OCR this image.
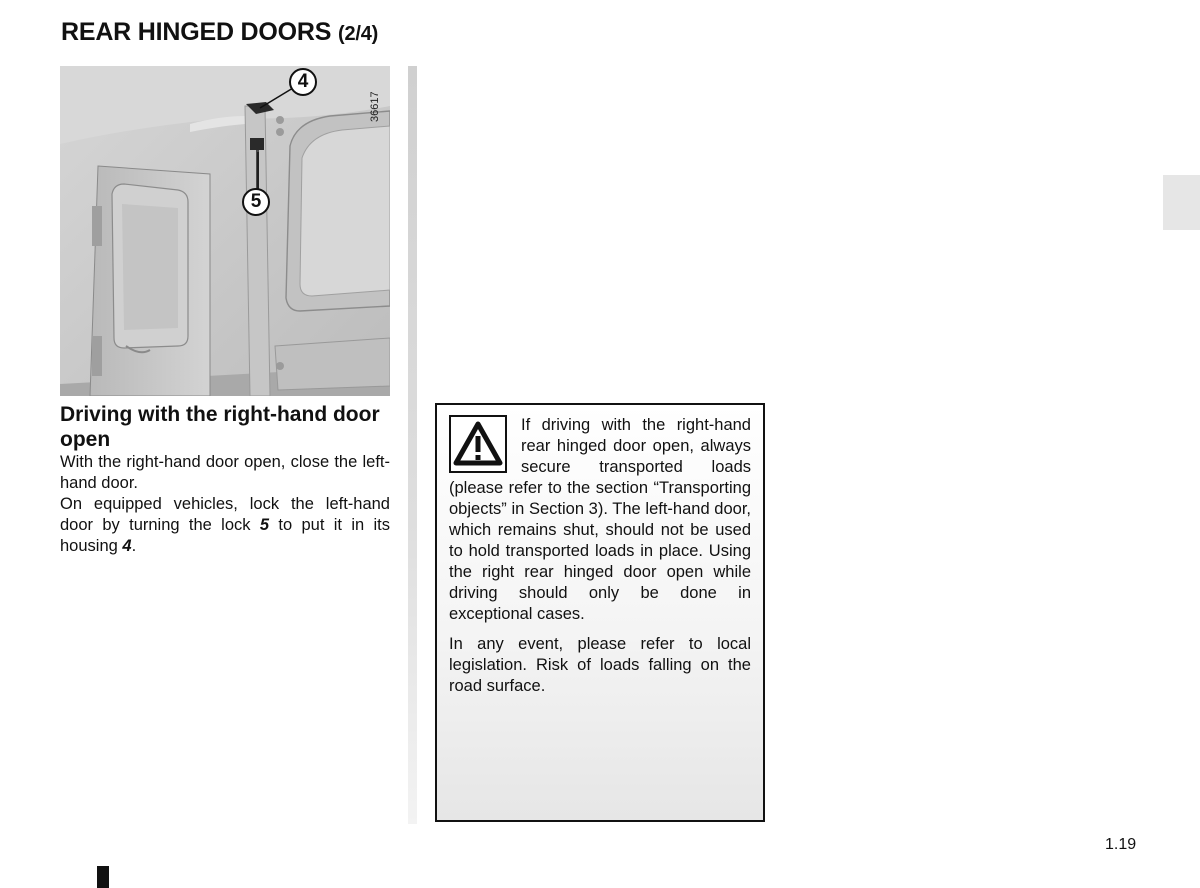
REAR HINGED DOORS (2/4)
4
5
36617
Driving with the right-hand door open

With the right-hand door open, close the left-hand door.

On equipped vehicles, lock the left-hand door by turning the lock 5 to put it in its housing 4.

If driving with the right-hand rear hinged door open, always secure transported loads (please refer to the section “Transporting objects” in Section 3). The left-hand door, which remains shut, should not be used to hold transported loads in place. Using the right rear hinged door open while driving should only be done in exceptional cases.

In any event, please refer to local legislation. Risk of loads falling on the road surface.

1.19
